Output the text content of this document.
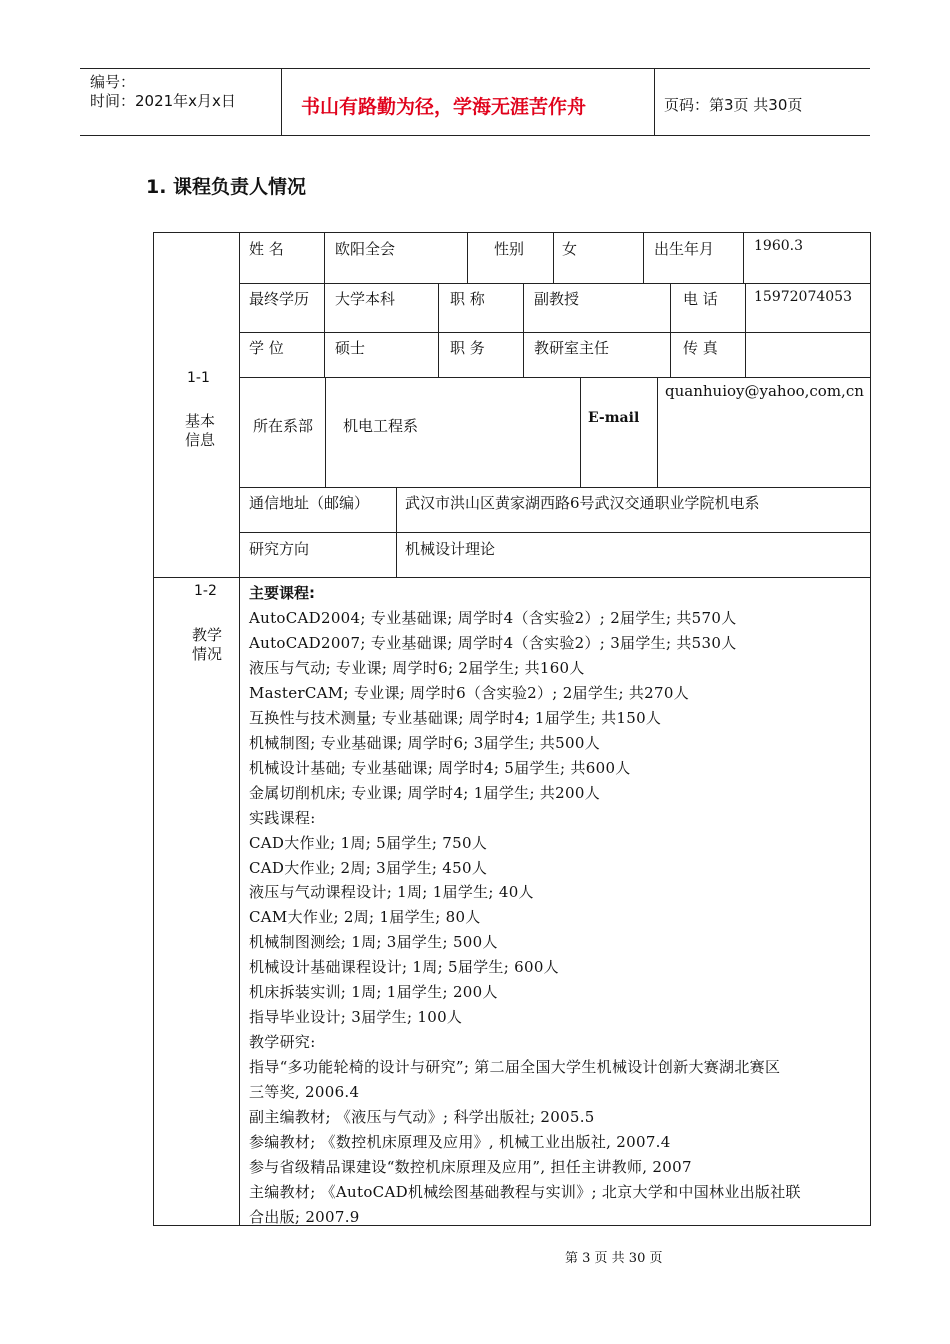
编号：
时间：2021年x月x日	书山有路勤为径，学海无涯苦作舟	页码：第3页 共30页
1. 课程负责人情况
1-1
基本
信息
姓 名	欧阳全会	性别	女	出生年月	1960.3
最终学历 大学本科	职 称	副教授	电 话	15972074053
学 位	硕士	职 务	教研室主任	传 真
所在系部 机电工程系	E-mail
quanhuioy@yahoo,com,cn
通信地址（邮编） 武汉市洪山区黄家湖西路6号武汉交通职业学院机电系
研究方向	机械设计理论
1-2
教学
情况
主要课程:
AutoCAD2004; 专业基础课; 周学时4（含实验2）; 2届学生; 共570人
AutoCAD2007; 专业基础课; 周学时4（含实验2）; 3届学生; 共530人
液压与气动; 专业课; 周学时6; 2届学生; 共160人
MasterCAM; 专业课; 周学时6（含实验2）; 2届学生; 共270人
互换性与技术测量; 专业基础课; 周学时4; 1届学生; 共150人
机械制图; 专业基础课; 周学时6; 3届学生; 共500人
机械设计基础; 专业基础课; 周学时4; 5届学生; 共600人
金属切削机床; 专业课; 周学时4; 1届学生; 共200人
实践课程:
CAD大作业; 1周; 5届学生; 750人
CAD大作业; 2周; 3届学生; 450人
液压与气动课程设计; 1周; 1届学生; 40人
CAM大作业; 2周; 1届学生; 80人
机械制图测绘; 1周; 3届学生; 500人
机械设计基础课程设计; 1周; 5届学生; 600人
机床拆装实训; 1周; 1届学生; 200人
指导毕业设计; 3届学生; 100人
教学研究:
指导“多功能轮椅的设计与研究”; 第二届全国大学生机械设计创新大赛湖北赛区
三等奖, 2006.4
副主编教材; 《液压与气动》; 科学出版社; 2005.5
参编教材; 《数控机床原理及应用》, 机械工业出版社, 2007.4
参与省级精品课建设“数控机床原理及应用”, 担任主讲教师, 2007
主编教材; 《AutoCAD机械绘图基础教程与实训》; 北京大学和中国林业出版社联
合出版; 2007.9
第 3 页 共 30 页
